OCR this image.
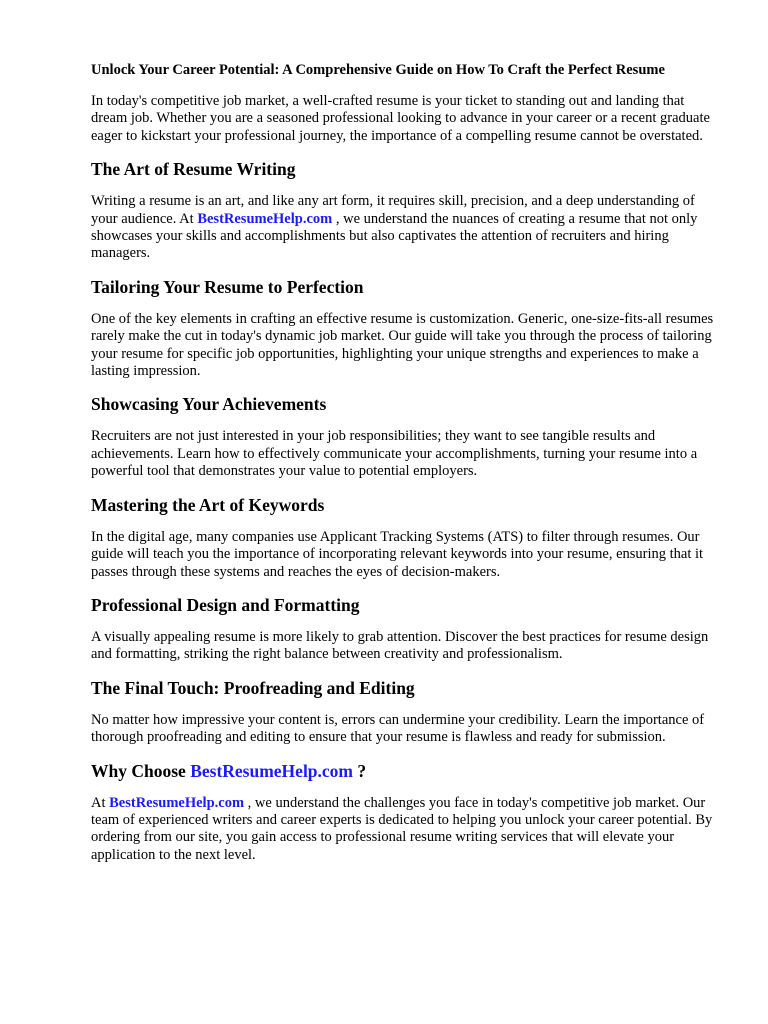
Unlock Your Career Potential: A Comprehensive Guide on How To Craft the Perfect Resume

In today's competitive job market, a well-crafted resume is your ticket to standing out and landing that dream job. Whether you are a seasoned professional looking to advance in your career or a recent graduate eager to kickstart your professional journey, the importance of a compelling resume cannot be overstated.

The Art of Resume Writing

Writing a resume is an art, and like any art form, it requires skill, precision, and a deep understanding of your audience. At BestResumeHelp.com , we understand the nuances of creating a resume that not only showcases your skills and accomplishments but also captivates the attention of recruiters and hiring managers.

Tailoring Your Resume to Perfection

One of the key elements in crafting an effective resume is customization. Generic, one-size-fits-all resumes rarely make the cut in today's dynamic job market. Our guide will take you through the process of tailoring your resume for specific job opportunities, highlighting your unique strengths and experiences to make a lasting impression.

Showcasing Your Achievements

Recruiters are not just interested in your job responsibilities; they want to see tangible results and achievements. Learn how to effectively communicate your accomplishments, turning your resume into a powerful tool that demonstrates your value to potential employers.

Mastering the Art of Keywords

In the digital age, many companies use Applicant Tracking Systems (ATS) to filter through resumes. Our guide will teach you the importance of incorporating relevant keywords into your resume, ensuring that it passes through these systems and reaches the eyes of decision-makers.

Professional Design and Formatting

A visually appealing resume is more likely to grab attention. Discover the best practices for resume design and formatting, striking the right balance between creativity and professionalism.

The Final Touch: Proofreading and Editing

No matter how impressive your content is, errors can undermine your credibility. Learn the importance of thorough proofreading and editing to ensure that your resume is flawless and ready for submission.

Why Choose BestResumeHelp.com ?

At BestResumeHelp.com , we understand the challenges you face in today's competitive job market. Our team of experienced writers and career experts is dedicated to helping you unlock your career potential. By ordering from our site, you gain access to professional resume writing services that will elevate your application to the next level.
